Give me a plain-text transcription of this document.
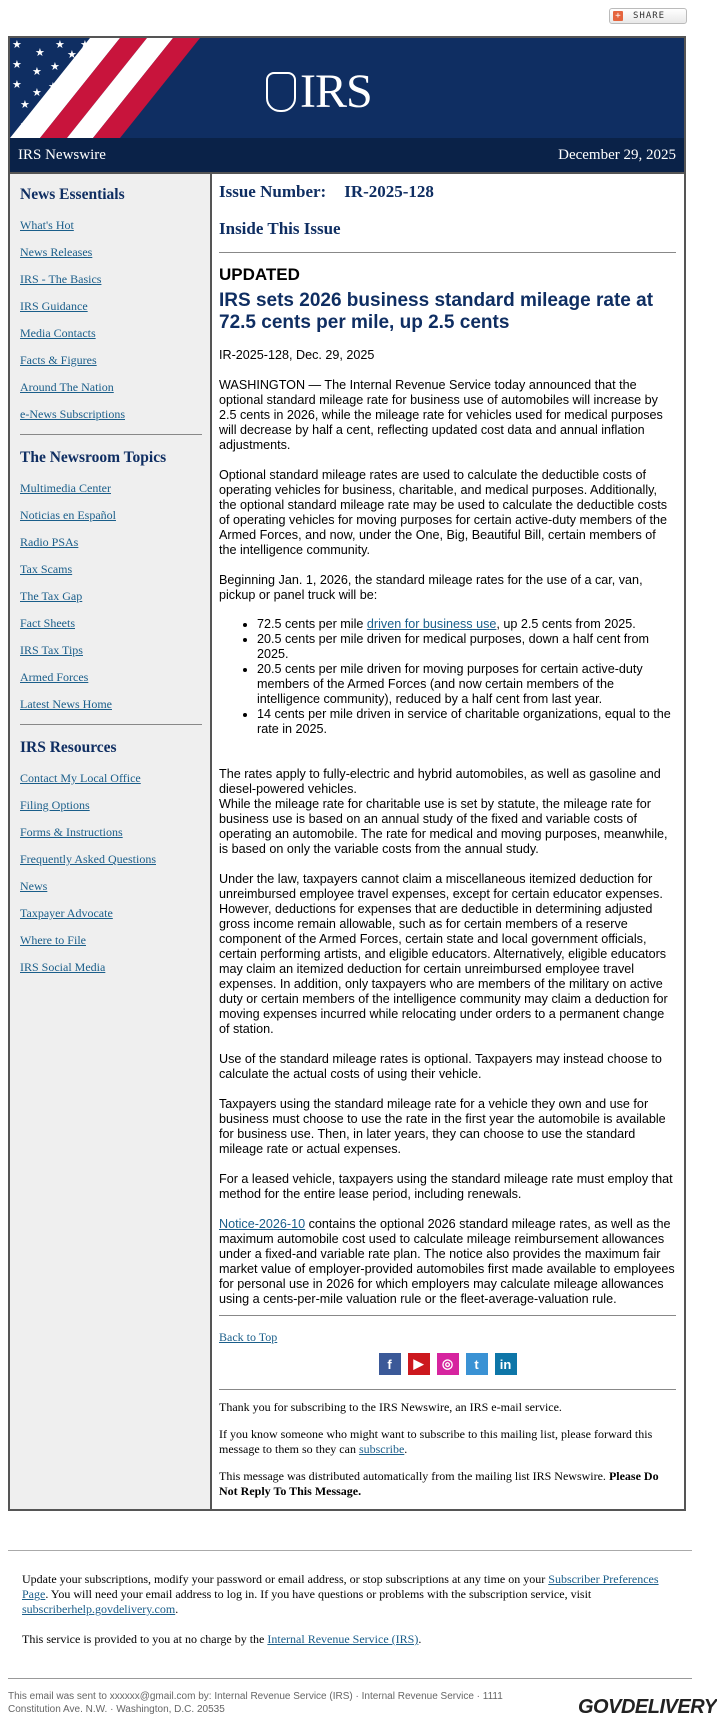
+ SHARE
★
★
★
★
★
★
★ ★
★
★
★ ★
★ ★
★
IRS
IRS Newswire	December 29, 2025
News Essentials
What's Hot
News Releases
IRS - The Basics
IRS Guidance
Media Contacts
Facts & Figures
Around The Nation
e-News Subscriptions
The Newsroom Topics
Multimedia Center
Noticias en Español
Radio PSAs
Tax Scams
The Tax Gap
Fact Sheets
IRS Tax Tips
Armed Forces
Latest News Home
IRS Resources
Contact My Local Office
Filing Options
Forms & Instructions
Frequently Asked Questions
News
Taxpayer Advocate
Where to File
IRS Social Media
Issue Number: IR-2025-128
Inside This Issue
UPDATED
IRS sets 2026 business standard mileage rate at 72.5 cents per mile, up 2.5 cents

IR-2025-128, Dec. 29, 2025

WASHINGTON — The Internal Revenue Service today announced that the optional standard mileage rate for business use of automobiles will increase by 2.5 cents in 2026, while the mileage rate for vehicles used for medical purposes will decrease by half a cent, reflecting updated cost data and annual inflation adjustments.

Optional standard mileage rates are used to calculate the deductible costs of operating vehicles for business, charitable, and medical purposes. Additionally, the optional standard mileage rate may be used to calculate the deductible costs of operating vehicles for moving purposes for certain active-duty members of the Armed Forces, and now, under the One, Big, Beautiful Bill, certain members of the intelligence community.

Beginning Jan. 1, 2026, the standard mileage rates for the use of a car, van, pickup or panel truck will be:

• 72.5 cents per mile driven for business use, up 2.5 cents from 2025.
• 20.5 cents per mile driven for medical purposes, down a half cent from 2025.
• 20.5 cents per mile driven for moving purposes for certain active-duty members of the Armed Forces (and now certain members of the intelligence community), reduced by a half cent from last year.
• 14 cents per mile driven in service of charitable organizations, equal to the rate in 2025.

The rates apply to fully-electric and hybrid automobiles, as well as gasoline and diesel-powered vehicles.
While the mileage rate for charitable use is set by statute, the mileage rate for business use is based on an annual study of the fixed and variable costs of operating an automobile. The rate for medical and moving purposes, meanwhile, is based on only the variable costs from the annual study.

Under the law, taxpayers cannot claim a miscellaneous itemized deduction for unreimbursed employee travel expenses, except for certain educator expenses. However, deductions for expenses that are deductible in determining adjusted gross income remain allowable, such as for certain members of a reserve component of the Armed Forces, certain state and local government officials, certain performing artists, and eligible educators. Alternatively, eligible educators may claim an itemized deduction for certain unreimbursed employee travel expenses. In addition, only taxpayers who are members of the military on active duty or certain members of the intelligence community may claim a deduction for moving expenses incurred while relocating under orders to a permanent change of station.

Use of the standard mileage rates is optional. Taxpayers may instead choose to calculate the actual costs of using their vehicle.

Taxpayers using the standard mileage rate for a vehicle they own and use for business must choose to use the rate in the first year the automobile is available for business use. Then, in later years, they can choose to use the standard mileage rate or actual expenses.

For a leased vehicle, taxpayers using the standard mileage rate must employ that method for the entire lease period, including renewals.

Notice-2026-10 contains the optional 2026 standard mileage rates, as well as the maximum automobile cost used to calculate mileage reimbursement allowances under a fixed-and variable rate plan. The notice also provides the maximum fair market value of employer-provided automobiles first made available to employees for personal use in 2026 for which employers may calculate mileage allowances using a cents-per-mile valuation rule or the fleet-average-valuation rule.

Back to Top
f	▶	◎	t	in

Thank you for subscribing to the IRS Newswire, an IRS e-mail service.

If you know someone who might want to subscribe to this mailing list, please forward this message to them so they can subscribe.

This message was distributed automatically from the mailing list IRS Newswire. Please Do Not Reply To This Message.

Update your subscriptions, modify your password or email address, or stop subscriptions at any time on your Subscriber Preferences Page. You will need your email address to log in. If you have questions or problems with the subscription service, visit subscriberhelp.govdelivery.com.

This service is provided to you at no charge by the Internal Revenue Service (IRS).

This email was sent to xxxxxx@gmail.com by: Internal Revenue Service (IRS) · Internal Revenue Service · 1111 Constitution Ave. N.W. · Washington, D.C. 20535	GOVDELIVERY
